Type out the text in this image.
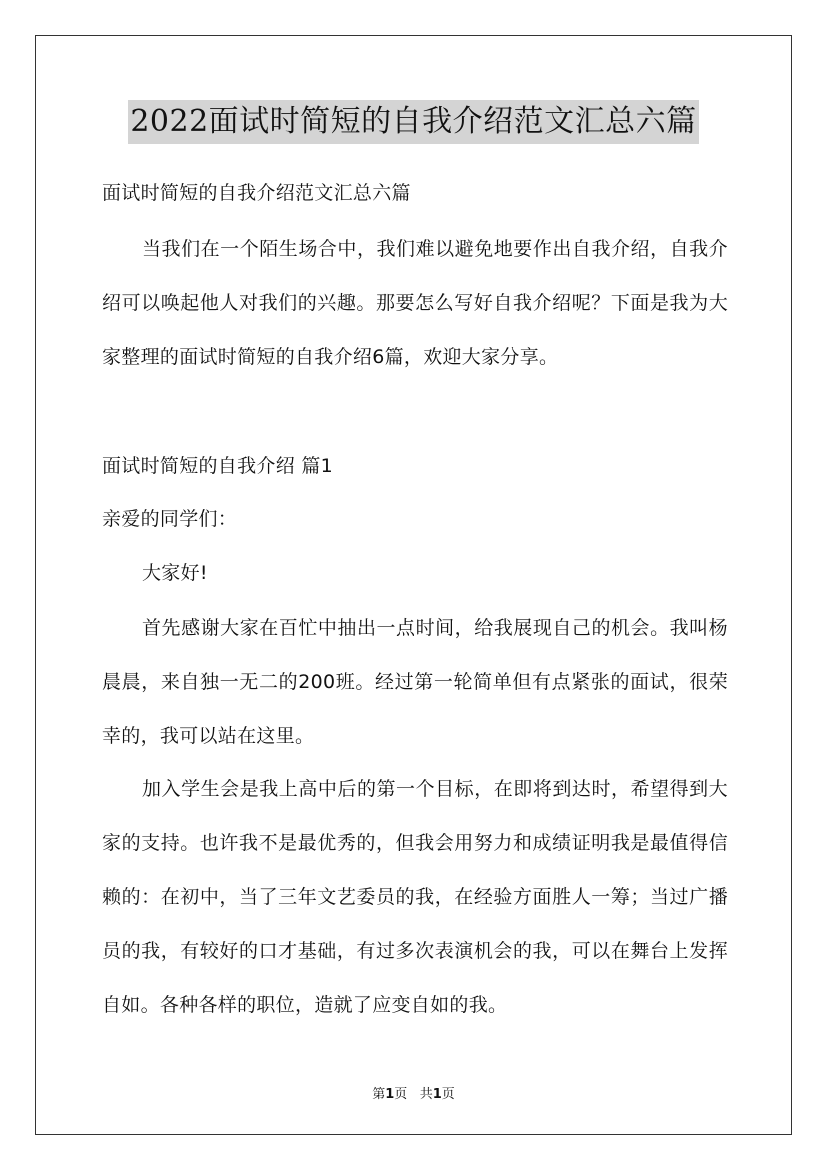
2022面试时简短的自我介绍范文汇总六篇

面试时简短的自我介绍范文汇总六篇

当我们在一个陌生场合中，我们难以避免地要作出自我介绍，自我介绍可以唤起他人对我们的兴趣。那要怎么写好自我介绍呢？下面是我为大家整理的面试时简短的自我介绍6篇，欢迎大家分享。

面试时简短的自我介绍 篇1

亲爱的同学们：

大家好!

首先感谢大家在百忙中抽出一点时间，给我展现自己的机会。我叫杨晨晨，来自独一无二的200班。经过第一轮简单但有点紧张的面试，很荣幸的，我可以站在这里。

加入学生会是我上高中后的第一个目标，在即将到达时，希望得到大家的支持。也许我不是最优秀的，但我会用努力和成绩证明我是最值得信赖的：在初中，当了三年文艺委员的我，在经验方面胜人一筹；当过广播员的我，有较好的口才基础，有过多次表演机会的我，可以在舞台上发挥自如。各种各样的职位，造就了应变自如的我。

第1页 共1页
